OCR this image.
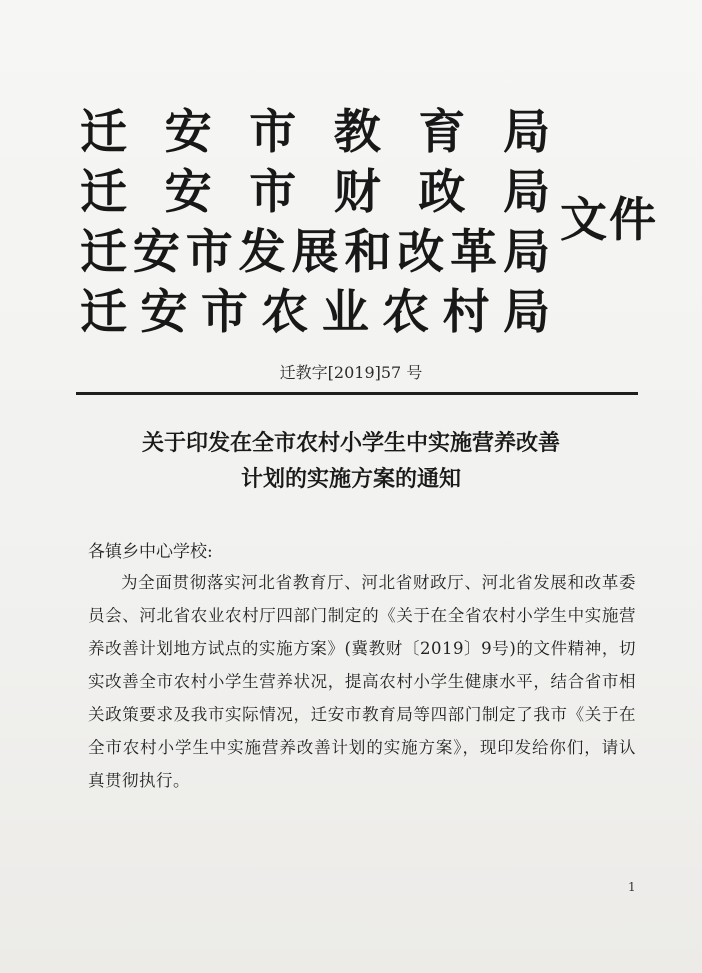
迁 安 市 教 育 局
迁 安 市 财 政 局
迁 安 市 发 展 和 改 革 局
迁 安 市 农 业 农 村 局
文件
迁教字[2019]57 号
关于印发在全市农村小学生中实施营养改善
计划的实施方案的通知
各镇乡中心学校:
为全面贯彻落实河北省教育厅、河北省财政厅、河北省发展和改革委员会、河北省农业农村厅四部门制定的《关于在全省农村小学生中实施营养改善计划地方试点的实施方案》(冀教财〔2019〕9号)的文件精神，切实改善全市农村小学生营养状况，提高农村小学生健康水平，结合省市相关政策要求及我市实际情况，迁安市教育局等四部门制定了我市《关于在全市农村小学生中实施营养改善计划的实施方案》，现印发给你们，请认真贯彻执行。
1
